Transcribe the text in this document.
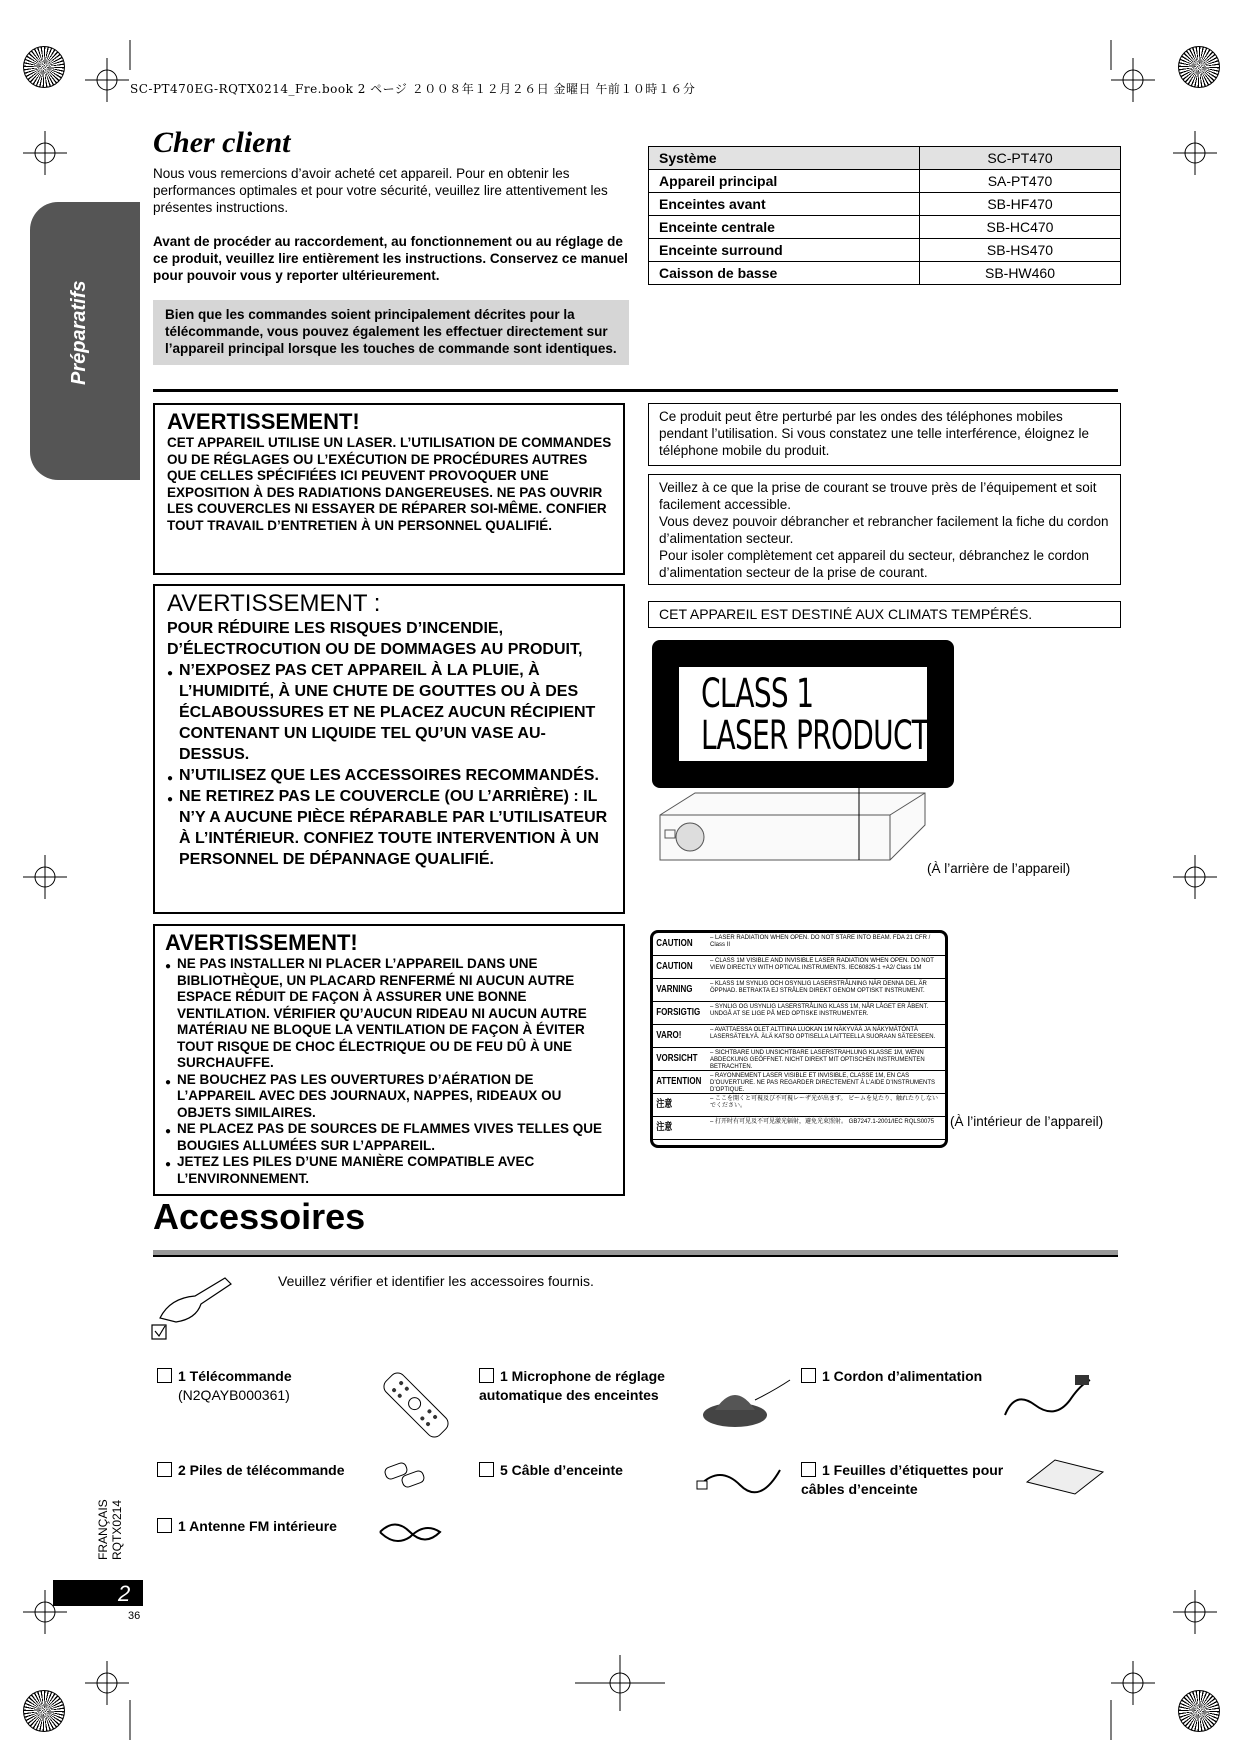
SC-PT470EG-RQTX0214_Fre.book 2 ページ ２００８年１２月２６日 金曜日 午前１０時１６分
Préparatifs
Cher client
Nous vous remercions d’avoir acheté cet appareil. Pour en obtenir les performances optimales et pour votre sécurité, veuillez lire attentivement les présentes instructions.
Avant de procéder au raccordement, au fonctionnement ou au réglage de ce produit, veuillez lire entièrement les instructions. Conservez ce manuel pour pouvoir vous y reporter ultérieurement.
Bien que les commandes soient principalement décrites pour la télécommande, vous pouvez également les effectuer directement sur l’appareil principal lorsque les touches de commande sont identiques.
Système	SC-PT470
Appareil principal	SA-PT470
Enceintes avant	SB-HF470
Enceinte centrale	SB-HC470
Enceinte surround	SB-HS470
Caisson de basse	SB-HW460
AVERTISSEMENT!
CET APPAREIL UTILISE UN LASER. L’UTILISATION DE COMMANDES OU DE RÉGLAGES OU L’EXÉCUTION DE PROCÉDURES AUTRES QUE CELLES SPÉCIFIÉES ICI PEUVENT PROVOQUER UNE EXPOSITION À DES RADIATIONS DANGEREUSES. NE PAS OUVRIR LES COUVERCLES NI ESSAYER DE RÉPARER SOI-MÊME. CONFIER TOUT TRAVAIL D’ENTRETIEN À UN PERSONNEL QUALIFIÉ.
AVERTISSEMENT :
POUR RÉDUIRE LES RISQUES D’INCENDIE, D’ÉLECTROCUTION OU DE DOMMAGES AU PRODUIT,
● N’EXPOSEZ PAS CET APPAREIL À LA PLUIE, À L’HUMIDITÉ, À UNE CHUTE DE GOUTTES OU À DES ÉCLABOUSSURES ET NE PLACEZ AUCUN RÉCIPIENT CONTENANT UN LIQUIDE TEL QU’UN VASE AU-DESSUS.
● N’UTILISEZ QUE LES ACCESSOIRES RECOMMANDÉS.
● NE RETIREZ PAS LE COUVERCLE (OU L’ARRIÈRE) : IL N’Y A AUCUNE PIÈCE RÉPARABLE PAR L’UTILISATEUR À L’INTÉRIEUR. CONFIEZ TOUTE INTERVENTION À UN PERSONNEL DE DÉPANNAGE QUALIFIÉ.
AVERTISSEMENT!
● NE PAS INSTALLER NI PLACER L’APPAREIL DANS UNE BIBLIOTHÈQUE, UN PLACARD RENFERMÉ NI AUCUN AUTRE ESPACE RÉDUIT DE FAÇON À ASSURER UNE BONNE VENTILATION. VÉRIFIER QU’AUCUN RIDEAU NI AUCUN AUTRE MATÉRIAU NE BLOQUE LA VENTILATION DE FAÇON À ÉVITER TOUT RISQUE DE CHOC ÉLECTRIQUE OU DE FEU DÛ À UNE SURCHAUFFE.
● NE BOUCHEZ PAS LES OUVERTURES D’AÉRATION DE L’APPAREIL AVEC DES JOURNAUX, NAPPES, RIDEAUX OU OBJETS SIMILAIRES.
● NE PLACEZ PAS DE SOURCES DE FLAMMES VIVES TELLES QUE BOUGIES ALLUMÉES SUR L’APPAREIL.
● JETEZ LES PILES D’UNE MANIÈRE COMPATIBLE AVEC L’ENVIRONNEMENT.
Ce produit peut être perturbé par les ondes des téléphones mobiles pendant l’utilisation. Si vous constatez une telle interférence, éloignez le téléphone mobile du produit.
Veillez à ce que la prise de courant se trouve près de l’équipement et soit facilement accessible.
Vous devez pouvoir débrancher et rebrancher facilement la fiche du cordon d’alimentation secteur.
Pour isoler complètement cet appareil du secteur, débranchez le cordon d’alimentation secteur de la prise de courant.
CET APPAREIL EST DESTINÉ AUX CLIMATS TEMPÉRÉS.
CLASS 1
LASER PRODUCT
(À l’arrière de l’appareil)
CAUTION	– LASER RADIATION WHEN OPEN. DO NOT STARE INTO BEAM. FDA 21 CFR / Class II
CAUTION	– CLASS 1M VISIBLE AND INVISIBLE LASER RADIATION WHEN OPEN. DO NOT VIEW DIRECTLY WITH OPTICAL INSTRUMENTS. IEC60825-1 +A2/ Class 1M
VARNING	– KLASS 1M SYNLIG OCH OSYNLIG LASERSTRÅLNING NÄR DENNA DEL ÄR ÖPPNAD. BETRAKTA EJ STRÅLEN DIREKT GENOM OPTISKT INSTRUMENT.
FORSIGTIG	– SYNLIG OG USYNLIG LASERSTRÅLING KLASS 1M, NÅR LÅGET ER ÅBENT. UNDGÅ AT SE LIGE PÅ MED OPTISKE INSTRUMENTER.
VARO!	– AVATTAESSA OLET ALTTIINA LUOKAN 1M NÄKYVÄÄ JA NÄKYMÄTÖNTÄ LASERSÄTEILYÄ. ÄLÄ KATSO OPTISELLA LAITTEELLA SUORAAN SÄTEESEEN.
VORSICHT	– SICHTBARE UND UNSICHTBARE LASERSTRAHLUNG KLASSE 1M, WENN ABDECKUNG GEÖFFNET. NICHT DIREKT MIT OPTISCHEN INSTRUMENTEN BETRACHTEN.
ATTENTION	– RAYONNEMENT LASER VISIBLE ET INVISIBLE, CLASSE 1M, EN CAS D’OUVERTURE. NE PAS REGARDER DIRECTEMENT À L’AIDE D’INSTRUMENTS D’OPTIQUE.
注意	– ここを開くと可視及び不可視レーザ光が出ます。 ビームを見たり、触れたりしないでください。
注意	– 打开时有可见及不可见激光辐射，避免光束照射。 GB7247.1-2001/IEC RQLS0075	(À l’intérieur de l’appareil)
Accessoires
Veuillez vérifier et identifier les accessoires fournis.
1 Télécommande
(N2QAYB000361)
1 Microphone de réglage automatique des enceintes
1 Cordon d’alimentation
2 Piles de télécommande	5 Câble d’enceinte	1 Feuilles d’étiquettes pour câbles d’enceinte
1 Antenne FM intérieure
FRANÇAIS
RQTX0214
2
36
